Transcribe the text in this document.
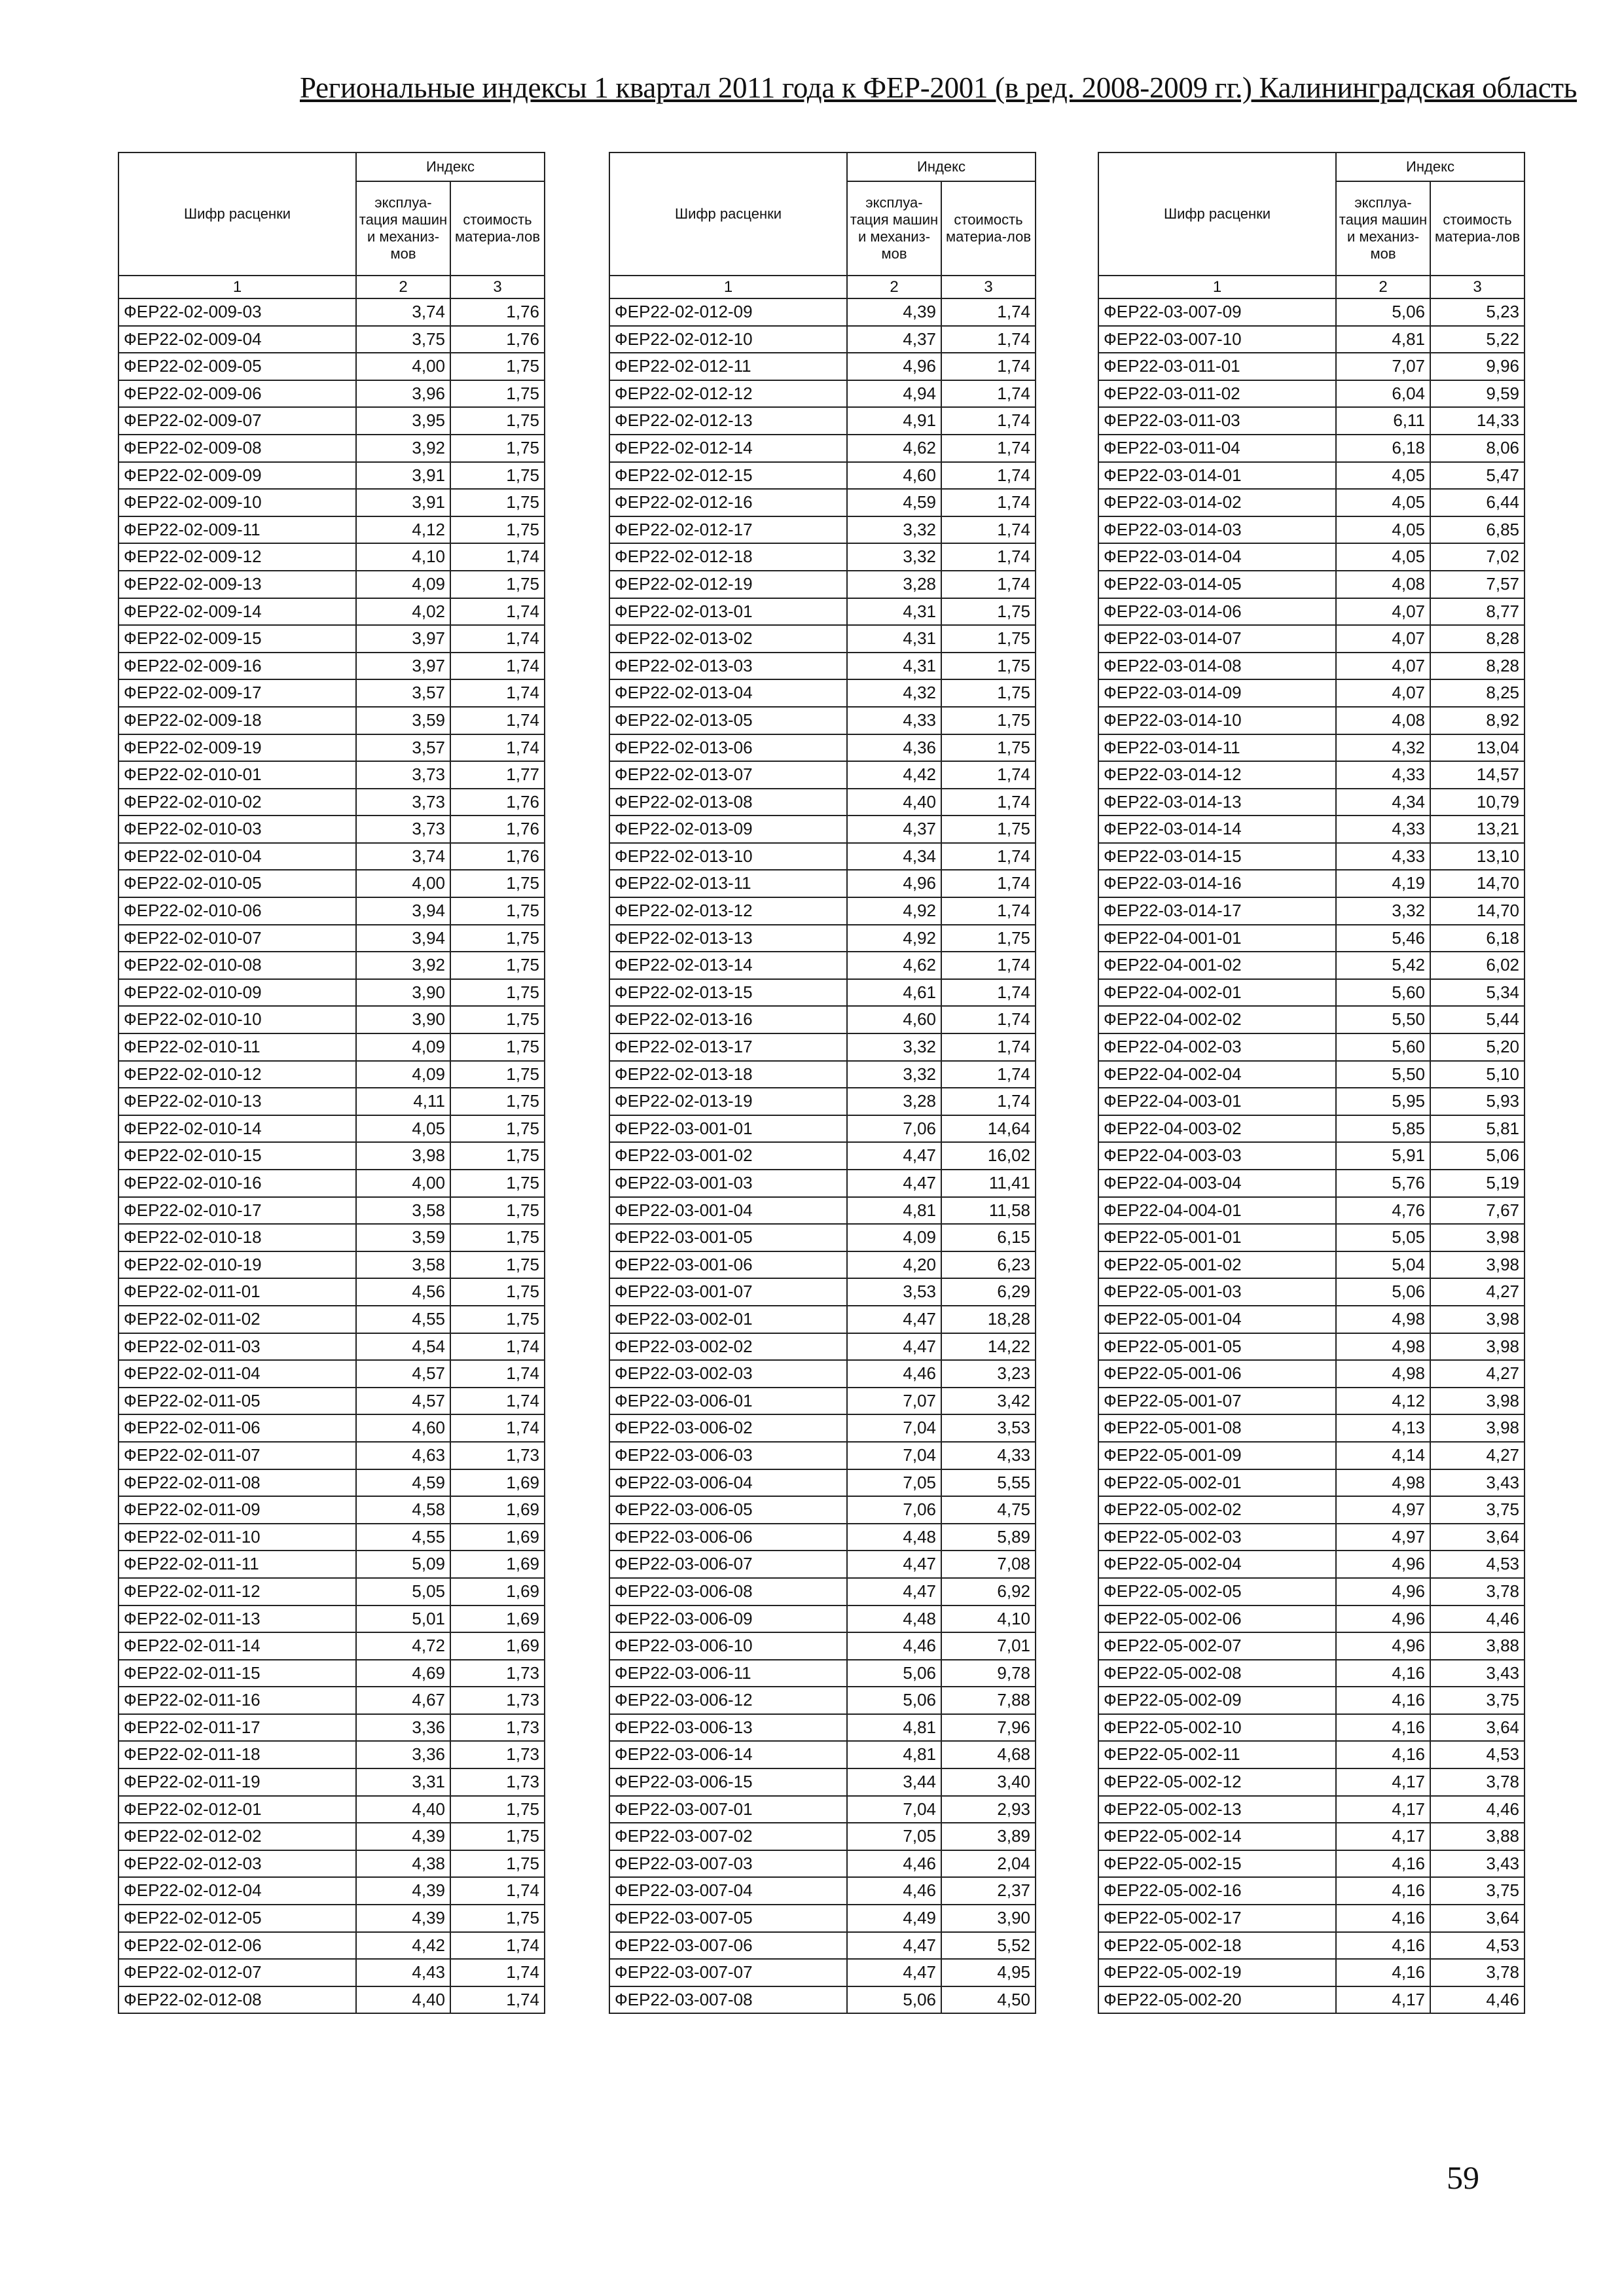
Региональные индексы 1 квартал 2011 года к ФЕР-2001 (в ред. 2008-2009 гг.) Калининградская область
Шифр расценки	Индекс	
	эксплуа-тация машин и механиз-мов	стоимость материа-лов
1	2	3
ФЕР22-02-009-03	3,74	1,76
ФЕР22-02-009-04	3,75	1,76
ФЕР22-02-009-05	4,00	1,75
ФЕР22-02-009-06	3,96	1,75
ФЕР22-02-009-07	3,95	1,75
ФЕР22-02-009-08	3,92	1,75
ФЕР22-02-009-09	3,91	1,75
ФЕР22-02-009-10	3,91	1,75
ФЕР22-02-009-11	4,12	1,75
ФЕР22-02-009-12	4,10	1,74
ФЕР22-02-009-13	4,09	1,75
ФЕР22-02-009-14	4,02	1,74
ФЕР22-02-009-15	3,97	1,74
ФЕР22-02-009-16	3,97	1,74
ФЕР22-02-009-17	3,57	1,74
ФЕР22-02-009-18	3,59	1,74
ФЕР22-02-009-19	3,57	1,74
ФЕР22-02-010-01	3,73	1,77
ФЕР22-02-010-02	3,73	1,76
ФЕР22-02-010-03	3,73	1,76
ФЕР22-02-010-04	3,74	1,76
ФЕР22-02-010-05	4,00	1,75
ФЕР22-02-010-06	3,94	1,75
ФЕР22-02-010-07	3,94	1,75
ФЕР22-02-010-08	3,92	1,75
ФЕР22-02-010-09	3,90	1,75
ФЕР22-02-010-10	3,90	1,75
ФЕР22-02-010-11	4,09	1,75
ФЕР22-02-010-12	4,09	1,75
ФЕР22-02-010-13	4,11	1,75
ФЕР22-02-010-14	4,05	1,75
ФЕР22-02-010-15	3,98	1,75
ФЕР22-02-010-16	4,00	1,75
ФЕР22-02-010-17	3,58	1,75
ФЕР22-02-010-18	3,59	1,75
ФЕР22-02-010-19	3,58	1,75
ФЕР22-02-011-01	4,56	1,75
ФЕР22-02-011-02	4,55	1,75
ФЕР22-02-011-03	4,54	1,74
ФЕР22-02-011-04	4,57	1,74
ФЕР22-02-011-05	4,57	1,74
ФЕР22-02-011-06	4,60	1,74
ФЕР22-02-011-07	4,63	1,73
ФЕР22-02-011-08	4,59	1,69
ФЕР22-02-011-09	4,58	1,69
ФЕР22-02-011-10	4,55	1,69
ФЕР22-02-011-11	5,09	1,69
ФЕР22-02-011-12	5,05	1,69
ФЕР22-02-011-13	5,01	1,69
ФЕР22-02-011-14	4,72	1,69
ФЕР22-02-011-15	4,69	1,73
ФЕР22-02-011-16	4,67	1,73
ФЕР22-02-011-17	3,36	1,73
ФЕР22-02-011-18	3,36	1,73
ФЕР22-02-011-19	3,31	1,73
ФЕР22-02-012-01	4,40	1,75
ФЕР22-02-012-02	4,39	1,75
ФЕР22-02-012-03	4,38	1,75
ФЕР22-02-012-04	4,39	1,74
ФЕР22-02-012-05	4,39	1,75
ФЕР22-02-012-06	4,42	1,74
ФЕР22-02-012-07	4,43	1,74
ФЕР22-02-012-08	4,40	1,74
Шифр расценки	Индекс	
	эксплуа-тация машин и механиз-мов	стоимость материа-лов
1	2	3
ФЕР22-02-012-09	4,39	1,74
ФЕР22-02-012-10	4,37	1,74
ФЕР22-02-012-11	4,96	1,74
ФЕР22-02-012-12	4,94	1,74
ФЕР22-02-012-13	4,91	1,74
ФЕР22-02-012-14	4,62	1,74
ФЕР22-02-012-15	4,60	1,74
ФЕР22-02-012-16	4,59	1,74
ФЕР22-02-012-17	3,32	1,74
ФЕР22-02-012-18	3,32	1,74
ФЕР22-02-012-19	3,28	1,74
ФЕР22-02-013-01	4,31	1,75
ФЕР22-02-013-02	4,31	1,75
ФЕР22-02-013-03	4,31	1,75
ФЕР22-02-013-04	4,32	1,75
ФЕР22-02-013-05	4,33	1,75
ФЕР22-02-013-06	4,36	1,75
ФЕР22-02-013-07	4,42	1,74
ФЕР22-02-013-08	4,40	1,74
ФЕР22-02-013-09	4,37	1,75
ФЕР22-02-013-10	4,34	1,74
ФЕР22-02-013-11	4,96	1,74
ФЕР22-02-013-12	4,92	1,74
ФЕР22-02-013-13	4,92	1,75
ФЕР22-02-013-14	4,62	1,74
ФЕР22-02-013-15	4,61	1,74
ФЕР22-02-013-16	4,60	1,74
ФЕР22-02-013-17	3,32	1,74
ФЕР22-02-013-18	3,32	1,74
ФЕР22-02-013-19	3,28	1,74
ФЕР22-03-001-01	7,06	14,64
ФЕР22-03-001-02	4,47	16,02
ФЕР22-03-001-03	4,47	11,41
ФЕР22-03-001-04	4,81	11,58
ФЕР22-03-001-05	4,09	6,15
ФЕР22-03-001-06	4,20	6,23
ФЕР22-03-001-07	3,53	6,29
ФЕР22-03-002-01	4,47	18,28
ФЕР22-03-002-02	4,47	14,22
ФЕР22-03-002-03	4,46	3,23
ФЕР22-03-006-01	7,07	3,42
ФЕР22-03-006-02	7,04	3,53
ФЕР22-03-006-03	7,04	4,33
ФЕР22-03-006-04	7,05	5,55
ФЕР22-03-006-05	7,06	4,75
ФЕР22-03-006-06	4,48	5,89
ФЕР22-03-006-07	4,47	7,08
ФЕР22-03-006-08	4,47	6,92
ФЕР22-03-006-09	4,48	4,10
ФЕР22-03-006-10	4,46	7,01
ФЕР22-03-006-11	5,06	9,78
ФЕР22-03-006-12	5,06	7,88
ФЕР22-03-006-13	4,81	7,96
ФЕР22-03-006-14	4,81	4,68
ФЕР22-03-006-15	3,44	3,40
ФЕР22-03-007-01	7,04	2,93
ФЕР22-03-007-02	7,05	3,89
ФЕР22-03-007-03	4,46	2,04
ФЕР22-03-007-04	4,46	2,37
ФЕР22-03-007-05	4,49	3,90
ФЕР22-03-007-06	4,47	5,52
ФЕР22-03-007-07	4,47	4,95
ФЕР22-03-007-08	5,06	4,50
Шифр расценки	Индекс	
	эксплуа-тация машин и механиз-мов	стоимость материа-лов
1	2	3
ФЕР22-03-007-09	5,06	5,23
ФЕР22-03-007-10	4,81	5,22
ФЕР22-03-011-01	7,07	9,96
ФЕР22-03-011-02	6,04	9,59
ФЕР22-03-011-03	6,11	14,33
ФЕР22-03-011-04	6,18	8,06
ФЕР22-03-014-01	4,05	5,47
ФЕР22-03-014-02	4,05	6,44
ФЕР22-03-014-03	4,05	6,85
ФЕР22-03-014-04	4,05	7,02
ФЕР22-03-014-05	4,08	7,57
ФЕР22-03-014-06	4,07	8,77
ФЕР22-03-014-07	4,07	8,28
ФЕР22-03-014-08	4,07	8,28
ФЕР22-03-014-09	4,07	8,25
ФЕР22-03-014-10	4,08	8,92
ФЕР22-03-014-11	4,32	13,04
ФЕР22-03-014-12	4,33	14,57
ФЕР22-03-014-13	4,34	10,79
ФЕР22-03-014-14	4,33	13,21
ФЕР22-03-014-15	4,33	13,10
ФЕР22-03-014-16	4,19	14,70
ФЕР22-03-014-17	3,32	14,70
ФЕР22-04-001-01	5,46	6,18
ФЕР22-04-001-02	5,42	6,02
ФЕР22-04-002-01	5,60	5,34
ФЕР22-04-002-02	5,50	5,44
ФЕР22-04-002-03	5,60	5,20
ФЕР22-04-002-04	5,50	5,10
ФЕР22-04-003-01	5,95	5,93
ФЕР22-04-003-02	5,85	5,81
ФЕР22-04-003-03	5,91	5,06
ФЕР22-04-003-04	5,76	5,19
ФЕР22-04-004-01	4,76	7,67
ФЕР22-05-001-01	5,05	3,98
ФЕР22-05-001-02	5,04	3,98
ФЕР22-05-001-03	5,06	4,27
ФЕР22-05-001-04	4,98	3,98
ФЕР22-05-001-05	4,98	3,98
ФЕР22-05-001-06	4,98	4,27
ФЕР22-05-001-07	4,12	3,98
ФЕР22-05-001-08	4,13	3,98
ФЕР22-05-001-09	4,14	4,27
ФЕР22-05-002-01	4,98	3,43
ФЕР22-05-002-02	4,97	3,75
ФЕР22-05-002-03	4,97	3,64
ФЕР22-05-002-04	4,96	4,53
ФЕР22-05-002-05	4,96	3,78
ФЕР22-05-002-06	4,96	4,46
ФЕР22-05-002-07	4,96	3,88
ФЕР22-05-002-08	4,16	3,43
ФЕР22-05-002-09	4,16	3,75
ФЕР22-05-002-10	4,16	3,64
ФЕР22-05-002-11	4,16	4,53
ФЕР22-05-002-12	4,17	3,78
ФЕР22-05-002-13	4,17	4,46
ФЕР22-05-002-14	4,17	3,88
ФЕР22-05-002-15	4,16	3,43
ФЕР22-05-002-16	4,16	3,75
ФЕР22-05-002-17	4,16	3,64
ФЕР22-05-002-18	4,16	4,53
ФЕР22-05-002-19	4,16	3,78
ФЕР22-05-002-20	4,17	4,46
59
